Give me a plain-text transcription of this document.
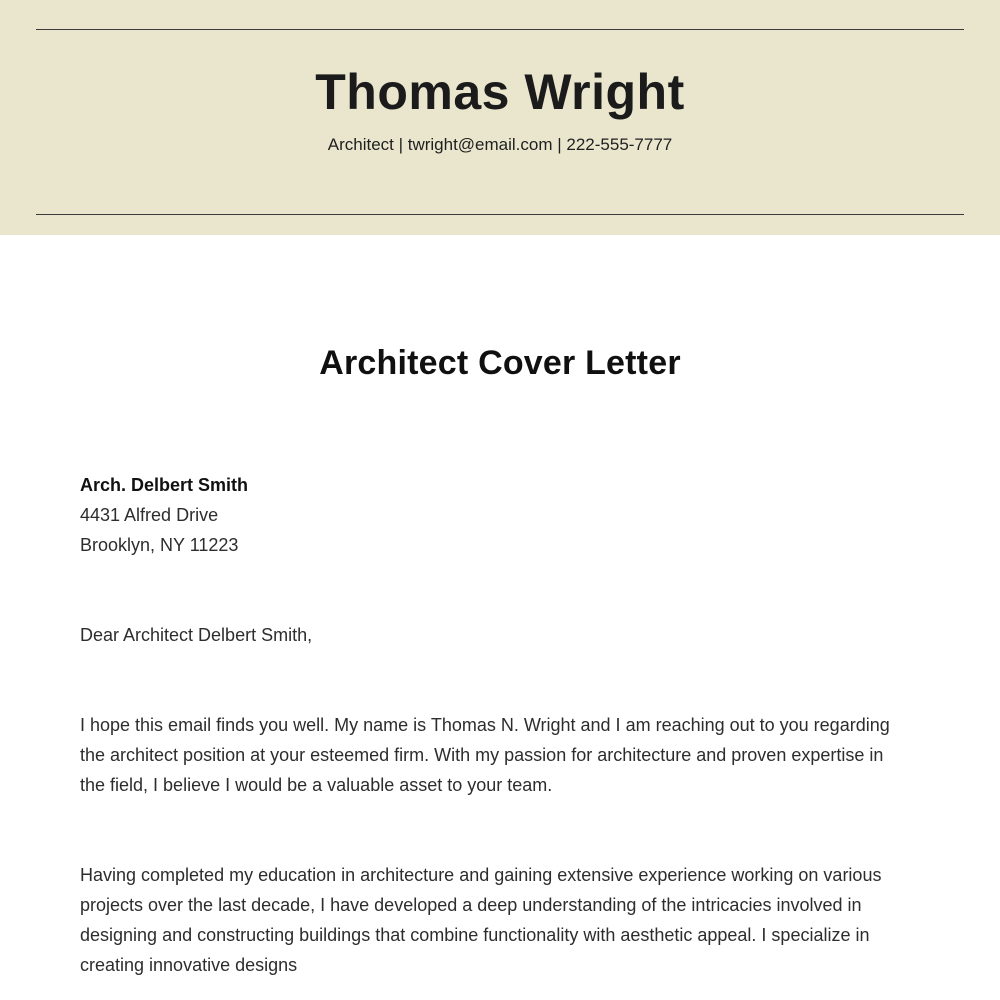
Thomas Wright

Architect | twright@email.com | 222-555-7777

Architect Cover Letter

Arch. Delbert Smith

4431 Alfred Drive

Brooklyn, NY 11223

Dear Architect Delbert Smith,

I hope this email finds you well. My name is Thomas N. Wright and I am reaching out to you regarding the architect position at your esteemed firm. With my passion for architecture and proven expertise in the field, I believe I would be a valuable asset to your team.

Having completed my education in architecture and gaining extensive experience working on various projects over the last decade, I have developed a deep understanding of the intricacies involved in designing and constructing buildings that combine functionality with aesthetic appeal. I specialize in creating innovative designs
